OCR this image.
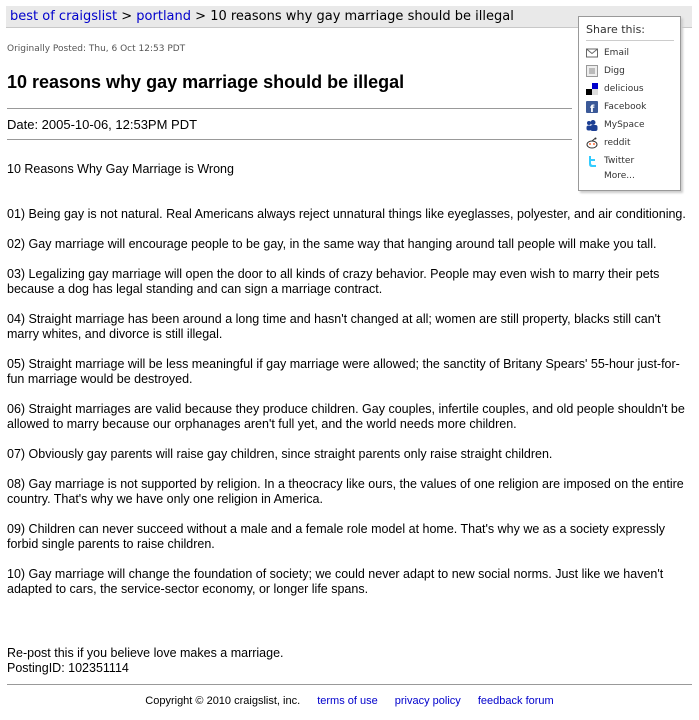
best of craigslist > portland > 10 reasons why gay marriage should be illegal
Originally Posted: Thu, 6 Oct 12:53 PDT
10 reasons why gay marriage should be illegal
Date: 2005-10-06, 12:53PM PDT

10 Reasons Why Gay Marriage is Wrong

01) Being gay is not natural. Real Americans always reject unnatural things like eyeglasses, polyester, and air conditioning.

02) Gay marriage will encourage people to be gay, in the same way that hanging around tall people will make you tall.

03) Legalizing gay marriage will open the door to all kinds of crazy behavior. People may even wish to marry their pets because a dog has legal standing and can sign a marriage contract.

04) Straight marriage has been around a long time and hasn't changed at all; women are still property, blacks still can't marry whites, and divorce is still illegal.

05) Straight marriage will be less meaningful if gay marriage were allowed; the sanctity of Britany Spears' 55-hour just-for-fun marriage would be destroyed.

06) Straight marriages are valid because they produce children. Gay couples, infertile couples, and old people shouldn't be allowed to marry because our orphanages aren't full yet, and the world needs more children.

07) Obviously gay parents will raise gay children, since straight parents only raise straight children.

08) Gay marriage is not supported by religion. In a theocracy like ours, the values of one religion are imposed on the entire country. That's why we have only one religion in America.

09) Children can never succeed without a male and a female role model at home. That's why we as a society expressly forbid single parents to raise children.

10) Gay marriage will change the foundation of society; we could never adapt to new social norms. Just like we haven't adapted to cars, the service-sector economy, or longer life spans.

Re-post this if you believe love makes a marriage.
PostingID: 102351114
Copyright © 2010 craigslist, inc. terms of use privacy policy feedback forum
Share this:
Email
Digg
delicious
f Facebook
MySpace
reddit
Twitter
More...
